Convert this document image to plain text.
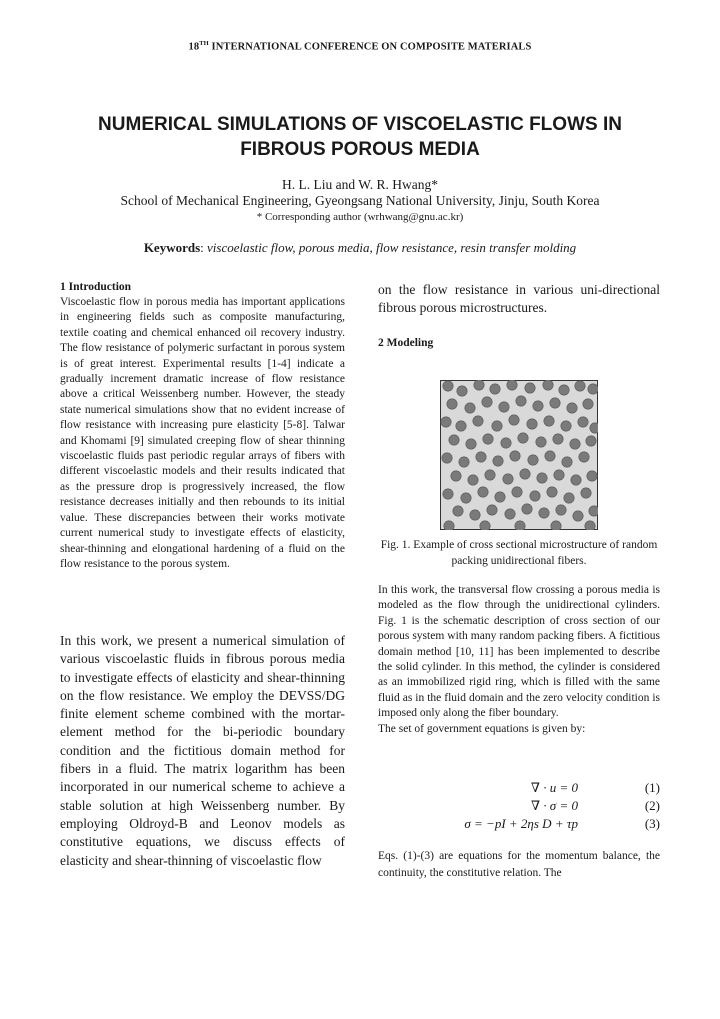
18TH INTERNATIONAL CONFERENCE ON COMPOSITE MATERIALS
NUMERICAL SIMULATIONS OF VISCOELASTIC FLOWS IN
FIBROUS POROUS MEDIA
H. L. Liu and W. R. Hwang*
School of Mechanical Engineering, Gyeongsang National University, Jinju, South Korea
* Corresponding author (wrhwang@gnu.ac.kr)
Keywords: viscoelastic flow, porous media, flow resistance, resin transfer molding
1 Introduction
Viscoelastic flow in porous media has important applications in engineering fields such as composite manufacturing, textile coating and chemical enhanced oil recovery industry. The flow resistance of polymeric surfactant in porous system is of great interest. Experimental results [1-4] indicate a gradually increment dramatic increase of flow resistance above a critical Weissenberg number. However, the steady state numerical simulations show that no evident increase of flow resistance with increasing pure elasticity [5-8]. Talwar and Khomami [9] simulated creeping flow of shear thinning viscoelastic fluids past periodic regular arrays of fibers with different viscoelastic models and their results indicated that as the pressure drop is progressively increased, the flow resistance decreases initially and then rebounds to its initial value. These discrepancies between their works motivate current numerical study to investigate effects of elasticity, shear-thinning and elongational hardening of a fluid on the flow resistance to the porous system.
In this work, we present a numerical simulation of various viscoelastic fluids in fibrous porous media to investigate effects of elasticity and shear-thinning on the flow resistance. We employ the DEVSS/DG finite element scheme combined with the mortar-element method for the bi-periodic boundary condition and the fictitious domain method for fibers in a fluid. The matrix logarithm has been incorporated in our numerical scheme to achieve a stable solution at high Weissenberg number. By employing Oldroyd-B and Leonov models as constitutive equations, we discuss effects of elasticity and shear-thinning of viscoelastic flow
on the flow resistance in various uni-directional fibrous porous microstructures.
2 Modeling
Fig. 1. Example of cross sectional microstructure of random packing unidirectional fibers.
In this work, the transversal flow crossing a porous media is modeled as the flow through the unidirectional cylinders. Fig. 1 is the schematic description of cross section of our porous system with many random packing fibers. A fictitious domain method [10, 11] has been implemented to describe the solid cylinder. In this method, the cylinder is considered as an immobilized rigid ring, which is filled with the same fluid as in the fluid domain and the zero velocity condition is imposed only along the fiber boundary.
The set of government equations is given by:
∇ · u = 0	(1)
∇ · σ = 0	(2)
σ = −pI + 2ηs D + τp	(3)
Eqs. (1)-(3) are equations for the momentum balance, the continuity, the constitutive relation. The
